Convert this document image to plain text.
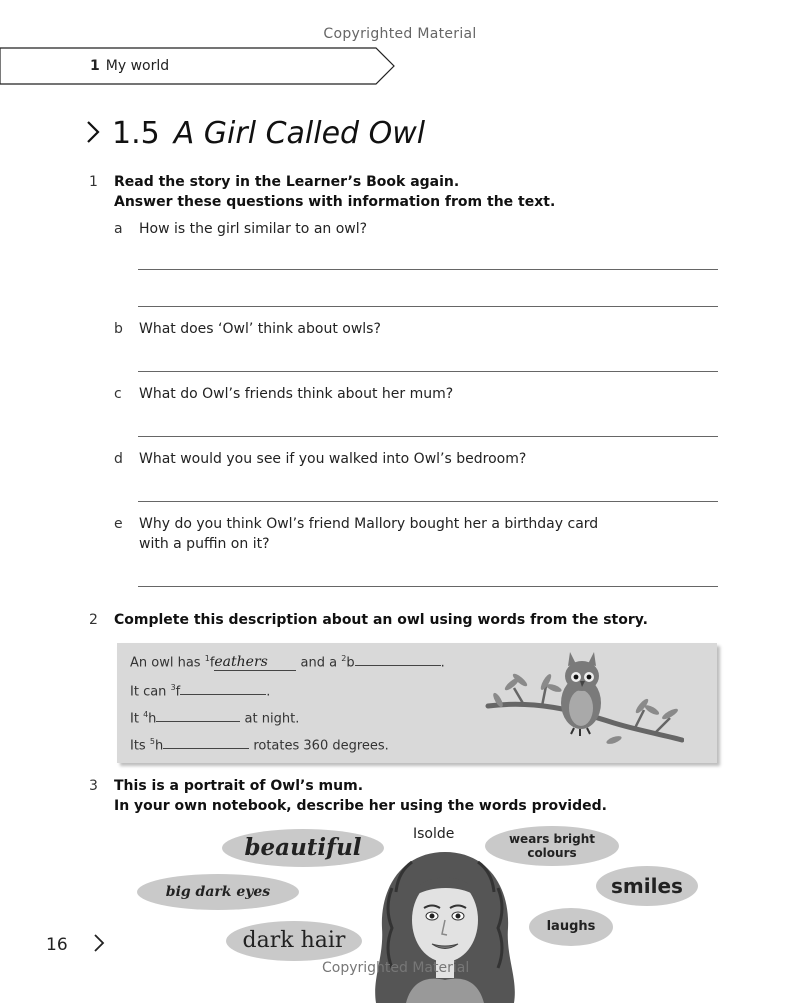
Copyrighted Material
1 My world
1.5 A Girl Called Owl
1 Read the story in the Learner’s Book again.
Answer these questions with information from the text.
a How is the girl similar to an owl?
b What does ‘Owl’ think about owls?
c What do Owl’s friends think about her mum?
d What would you see if you walked into Owl’s bedroom?
e Why do you think Owl’s friend Mallory bought her a birthday card
with a puffin on it?
2 Complete this description about an owl using words from the story.
An owl has $^1$feathers and a $^2$b	.
It can $^3$f	.
It $^4$h	at night.
Its $^5$h	rotates 360 degrees.
3 This is a portrait of Owl’s mum.
In your own notebook, describe her using the words provided.
Isolde
beautiful
big dark eyes
dark hair
wears bright
colours
smiles
laughs
16
Copyrighted Material
